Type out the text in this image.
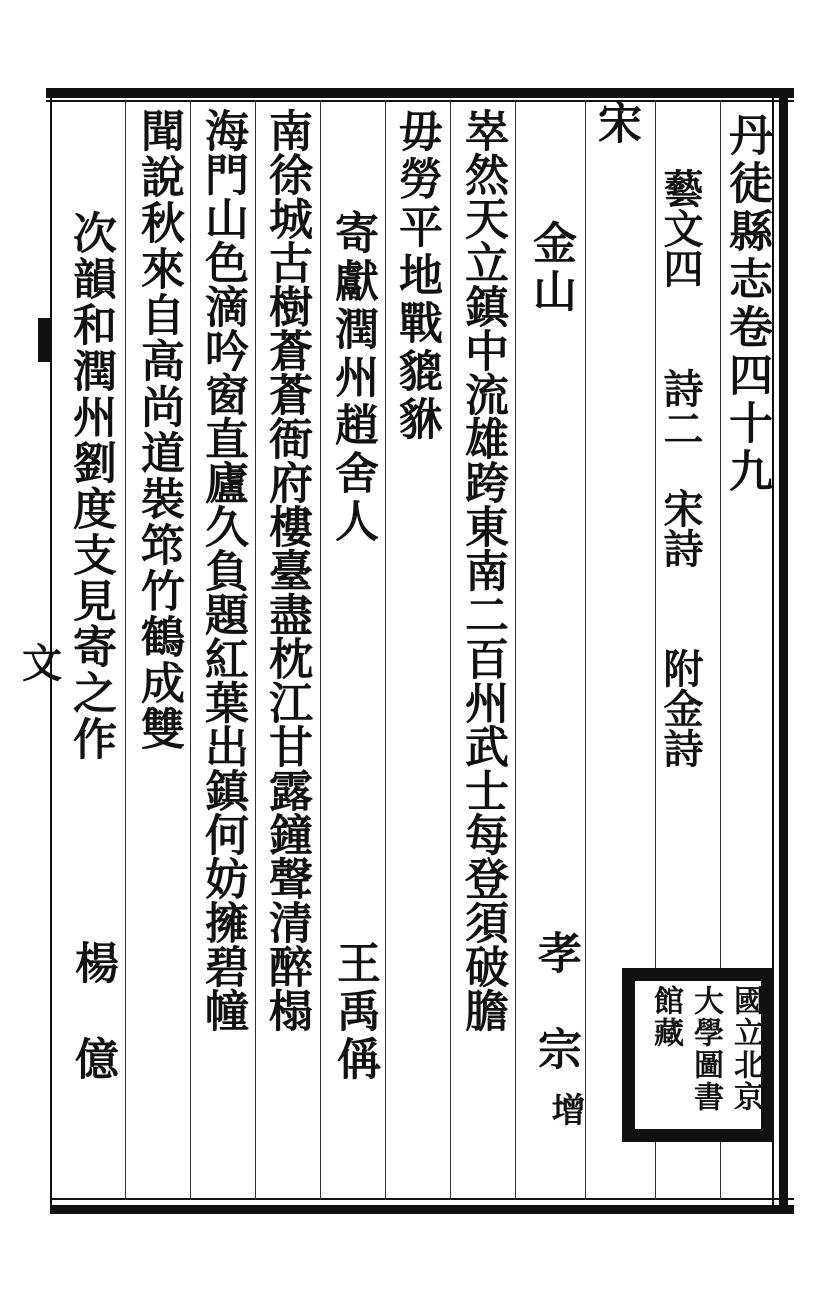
丹徒縣志卷四十九
藝文四　　詩二　宋詩　　附金詩
宋
金山
孝　宗
增
崒然天立鎮中流雄跨東南二百州武士每登須破膽
毋勞平地戰貔貅
寄獻潤州趙舍人
王禹偁
南徐城古樹蒼蒼衙府樓臺盡枕江甘露鐘聲清醉榻
海門山色滴吟窗直廬久負題紅葉出鎮何妨擁碧幢
聞說秋來自高尚道裝筇竹鶴成雙
次韻和潤州劉度支見寄之作
楊　億
文
國立北京大學圖書館藏
